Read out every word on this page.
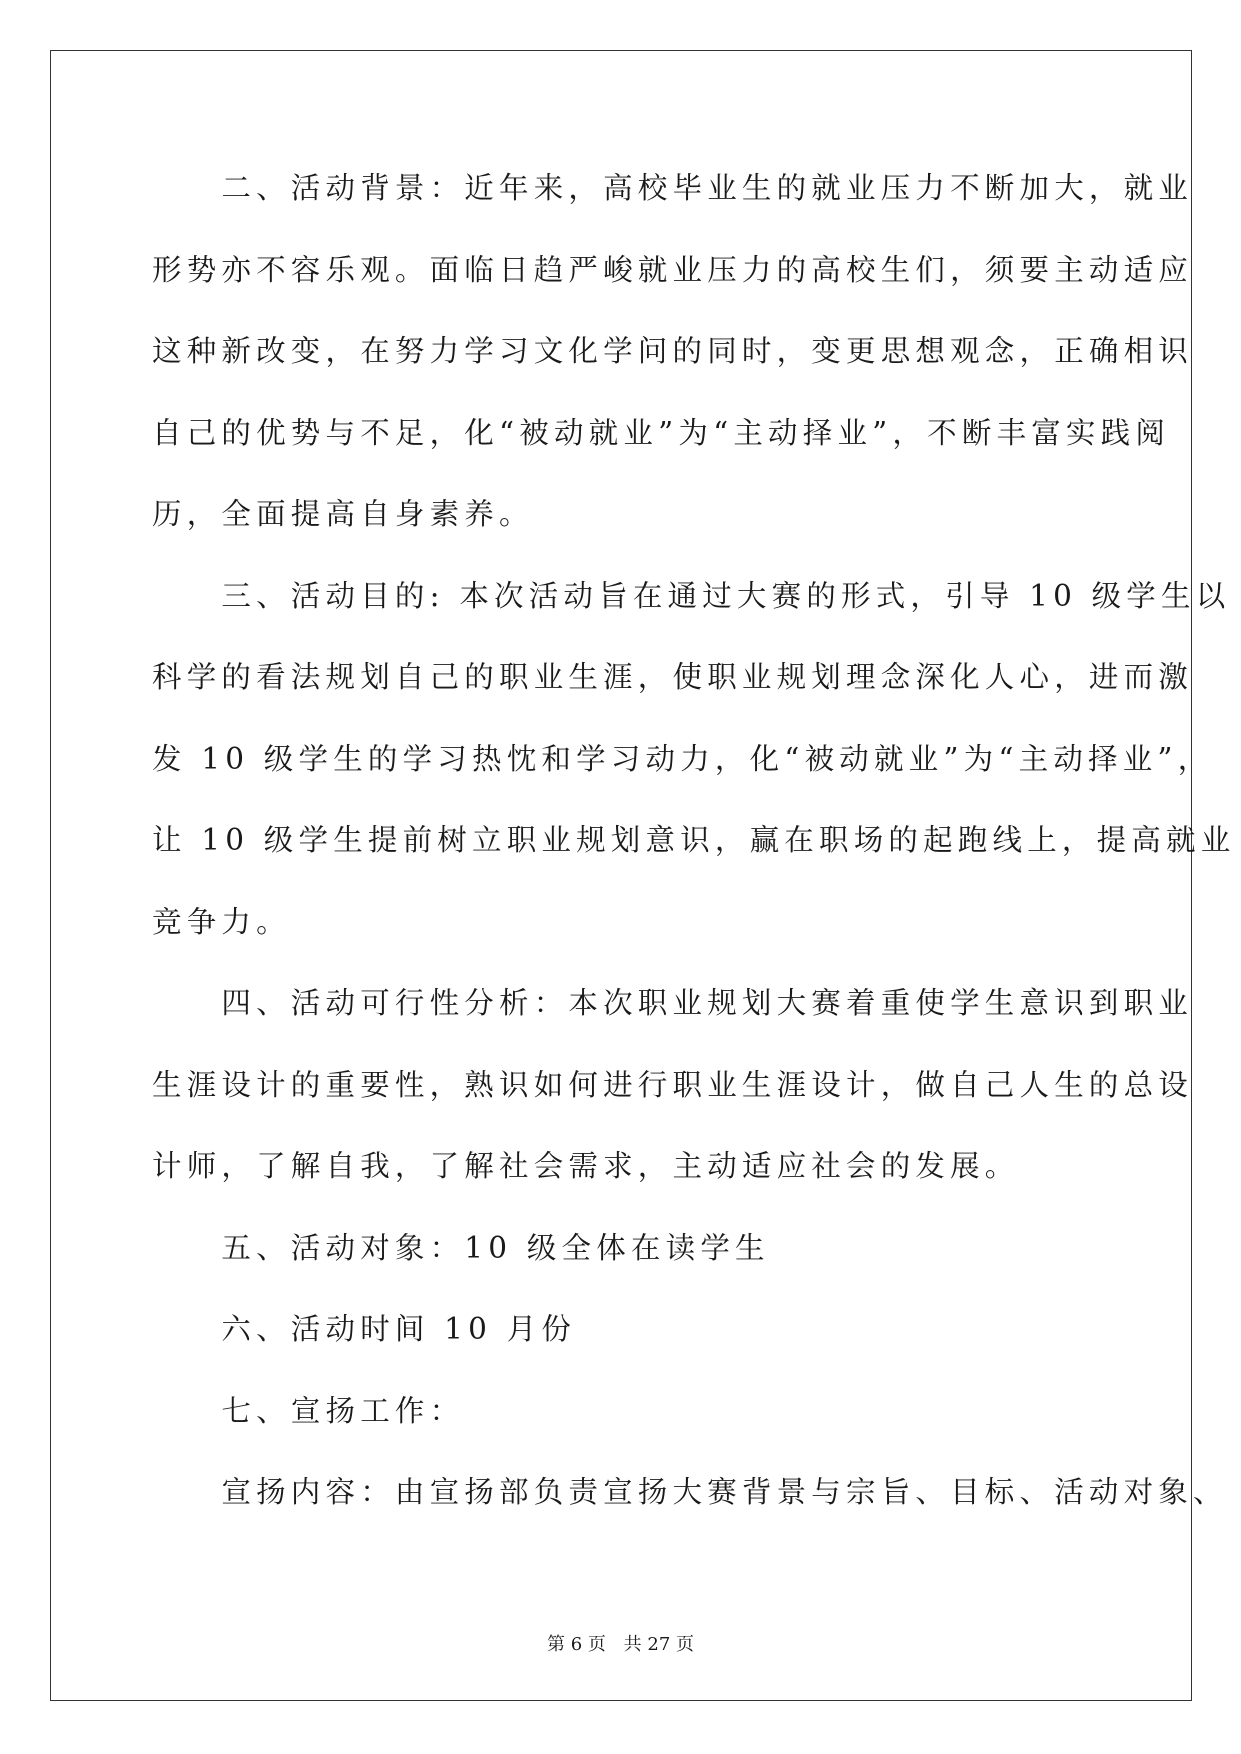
　　二、活动背景：近年来，高校毕业生的就业压力不断加大，就业
形势亦不容乐观。面临日趋严峻就业压力的高校生们，须要主动适应
这种新改变，在努力学习文化学问的同时，变更思想观念，正确相识
自己的优势与不足，化“被动就业”为“主动择业”，不断丰富实践阅
历，全面提高自身素养。
　　三、活动目的: 本次活动旨在通过大赛的形式，引导 10 级学生以
科学的看法规划自己的职业生涯，使职业规划理念深化人心，进而激
发 10 级学生的学习热忱和学习动力，化“被动就业”为“主动择业”，
让 10 级学生提前树立职业规划意识，赢在职场的起跑线上，提高就业
竞争力。
　　四、活动可行性分析：本次职业规划大赛着重使学生意识到职业
生涯设计的重要性，熟识如何进行职业生涯设计，做自己人生的总设
计师，了解自我，了解社会需求，主动适应社会的发展。
　　五、活动对象：10 级全体在读学生
　　六、活动时间 10 月份
　　七、宣扬工作：
　　宣扬内容：由宣扬部负责宣扬大赛背景与宗旨、目标、活动对象、
第 6 页 共 27 页
